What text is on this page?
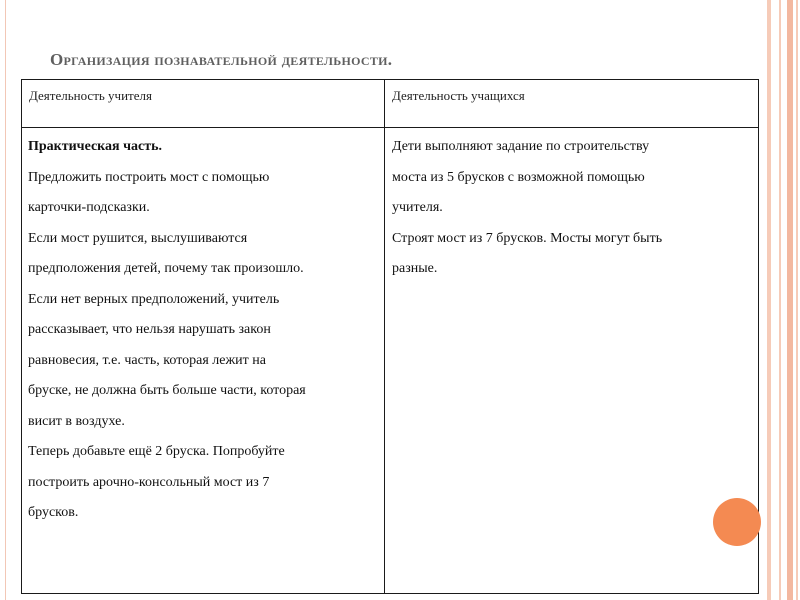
Организация познавательной деятельности.
Деятельность учителя	Деятельность учащихся
Практическая часть.
Предложить построить мост с помощью
карточки-подсказки.
Если мост рушится, выслушиваются
предположения детей, почему так произошло.
Если нет верных предположений, учитель
рассказывает, что нельзя нарушать закон
равновесия, т.е. часть, которая лежит на
бруске, не должна быть больше части, которая
висит в воздухе.
Теперь добавьте ещё 2 бруска. Попробуйте
построить арочно-консольный мост из 7
брусков.
Дети выполняют задание по строительству
моста из 5 брусков с возможной помощью
учителя.
Строят мост из 7 брусков. Мосты могут быть
разные.
